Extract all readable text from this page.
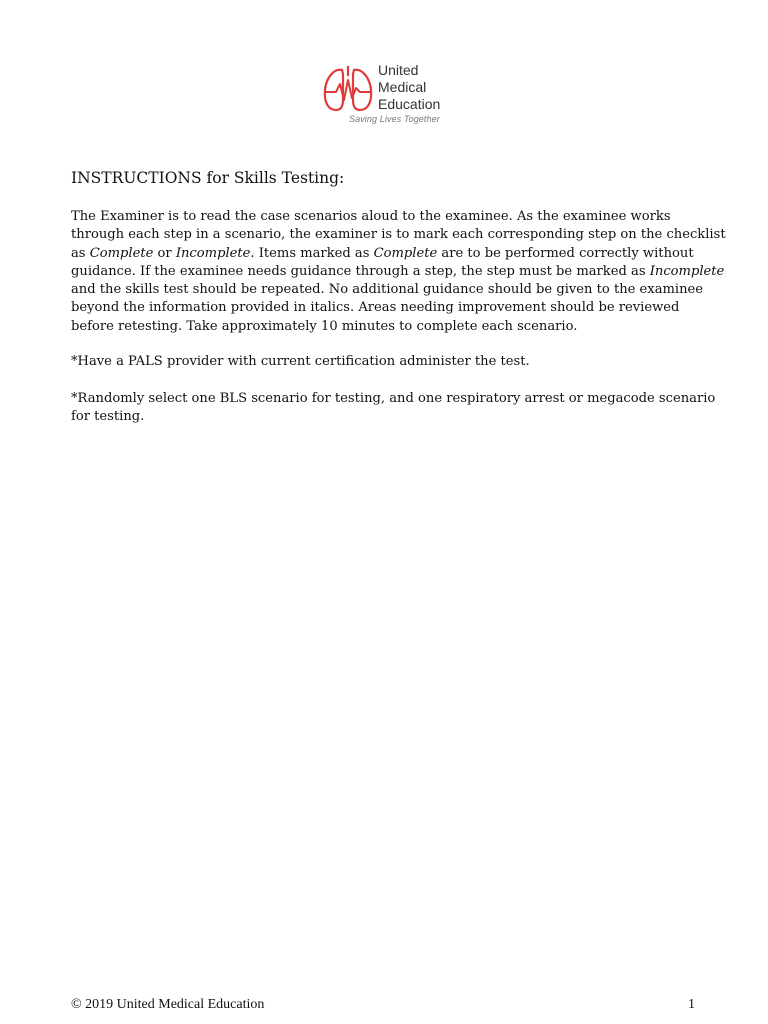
United
Medical
Education
Saving Lives Together
INSTRUCTIONS for Skills Testing:

The Examiner is to read the case scenarios aloud to the examinee. As the examinee works
through each step in a scenario, the examiner is to mark each corresponding step on the checklist
as Complete or Incomplete. Items marked as Complete are to be performed correctly without
guidance. If the examinee needs guidance through a step, the step must be marked as Incomplete
and the skills test should be repeated. No additional guidance should be given to the examinee
beyond the information provided in italics. Areas needing improvement should be reviewed
before retesting. Take approximately 10 minutes to complete each scenario.

*Have a PALS provider with current certification administer the test.

*Randomly select one BLS scenario for testing, and one respiratory arrest or megacode scenario
for testing.

© 2019 United Medical Education	1
